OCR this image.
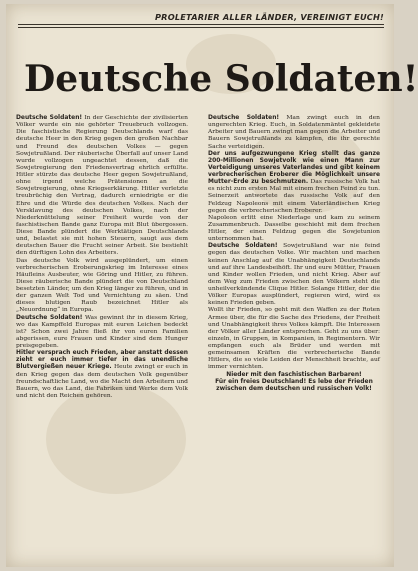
PROLETARIER ALLER LÄNDER, VEREINIGT EUCH!
Deutsche Soldaten!

Deutsche Soldaten! In der Geschichte der zivilisierten Völker wurde ein nie gehörter Treuebruch vollzogen. Die faschistische Regierung Deutschlands warf das deutsche Heer in den Krieg gegen den großen Nachbar und Freund des deutschen Volkes — gegen Sowjetrußland. Der räuberische Überfall auf unser Land wurde vollzogen ungeachtet dessen, daß die Sowjetregierung den Friedensvertrag ehrlich erfüllte. Hitler stürzte das deutsche Heer gegen Sowjetrußland, ohne irgend welche Prätensionen an die Sowjetregierung, ohne Kriegserklärung. Hitler verletzte treubrüchig den Vertrag, dadurch erniedrigte er die Ehre und die Würde des deutschen Volkes. Nach der Versklavung des deutschen Volkes, nach der Niederknüttelung seiner Freiheit wurde von der faschistischen Bande ganz Europa mit Blut übergossen. Diese Bande plündert die Werktätigen Deutschlands und, belastet sie mit hohen Steuern, saugt aus dem deutschen Bauer die Frucht seiner Arbeit. Sie bestiehlt den dürftigen Lohn des Arbeiters.

Das deutsche Volk wird ausgeplündert, um einen verbrecherischen Eroberungskrieg im Interesse eines Häufleins Ausbeuter, wie Göring und Hitler, zu führen. Diese räuberische Bande plündert die von Deutschland besetzten Länder, um den Krieg länger zu führen, und in der ganzen Welt Tod und Vernichtung zu säen. Und dieses blutigen Raub bezeichnet Hitler als „Neuordnung“ in Europa.

Deutsche Soldaten! Was gewinnt ihr in diesem Krieg, wo das Kampffeld Europas mit euren Leichen bedeckt ist? Schon zwei Jahre fließ ihr von euren Familien abgerissen, eure Frauen und Kinder sind dem Hunger preisgegeben.

Hitler versprach euch Frieden, aber anstatt dessen zieht er euch immer tiefer in das unendliche Blutvergießen neuer Kriege. Heute zwingt er euch in den Krieg gegen das dem deutschen Volk gegenüber freundschaftliche Land, wo die Macht den Arbeitern und Bauern, wo das Land, die Fabriken und Werke dem Volk und nicht den Reichen gehören.

Deutsche Soldaten! Man zwingt euch in den ungerechten Krieg. Euch, in Soldatenmäntel gekleidete Arbeiter und Bauern zwingt man gegen die Arbeiter und Bauern Sowjetrußlands zu kämpfen, die ihr gerechte Sache verteidigen.

Der uns aufgezwungene Krieg stellt das ganze 200-Millionen Sowjetvolk wie einen Mann zur Verteidigung unseres Vaterlandes und gibt keinem verbrecherischen Eroberer die Möglichkeit unsere Mutter-Erde zu beschmutzen. Das russische Volk hat es nicht zum ersten Mal mit einem frechen Feind zu tun. Seinerzeit antwortete das russische Volk auf den Feldzug Napoleons mit einem Vaterländischen Krieg gegen die verbrecherischen Eroberer.

Napoleon erlitt eine Niederlage und kam zu seinem Zusammenbruch. Dasselbe geschieht mit dem frechen Hitler, der einen Feldzug gegen die Sowjetunion unternommen hat.

Deutsche Soldaten! Sowjetrußland war nie feind gegen das deutschen Volke. Wir machten und machen keinen Anschlag auf die Unabhängigkeit Deutschlands und auf ihre Landesbeihöft. Ihr und eure Mütter, Frauen und Kinder wollen Frieden, und nicht Krieg. Aber auf dem Weg zum Frieden zwischen den Völkern steht die unheilverkündende Clique Hitler. Solange Hitler, der die Völker Europas ausplündert, regieren wird, wird es keinen Frieden geben.

Wollt ihr Frieden, so geht mit den Waffen zu der Roten Armee über, die für die Sache des Friedens, der Freiheit und Unabhängigkeit ihres Volkes kämpft. Die Interessen der Völker aller Länder entsprechen. Geht zu uns über: einzeln, in Gruppen, in Kompanien, in Regimentern. Wir empfangen euch als Brüder und werden mit gemeinsamen Kräften die verbrecherische Bande Hitlers, die so viele Leiden der Menschheit brachte, auf immer vernichten.

Nieder mit den faschistischen Barbaren!

Für ein freies Deutschland! Es lebe der Frieden zwischen dem deutschen und russischen Volk!
